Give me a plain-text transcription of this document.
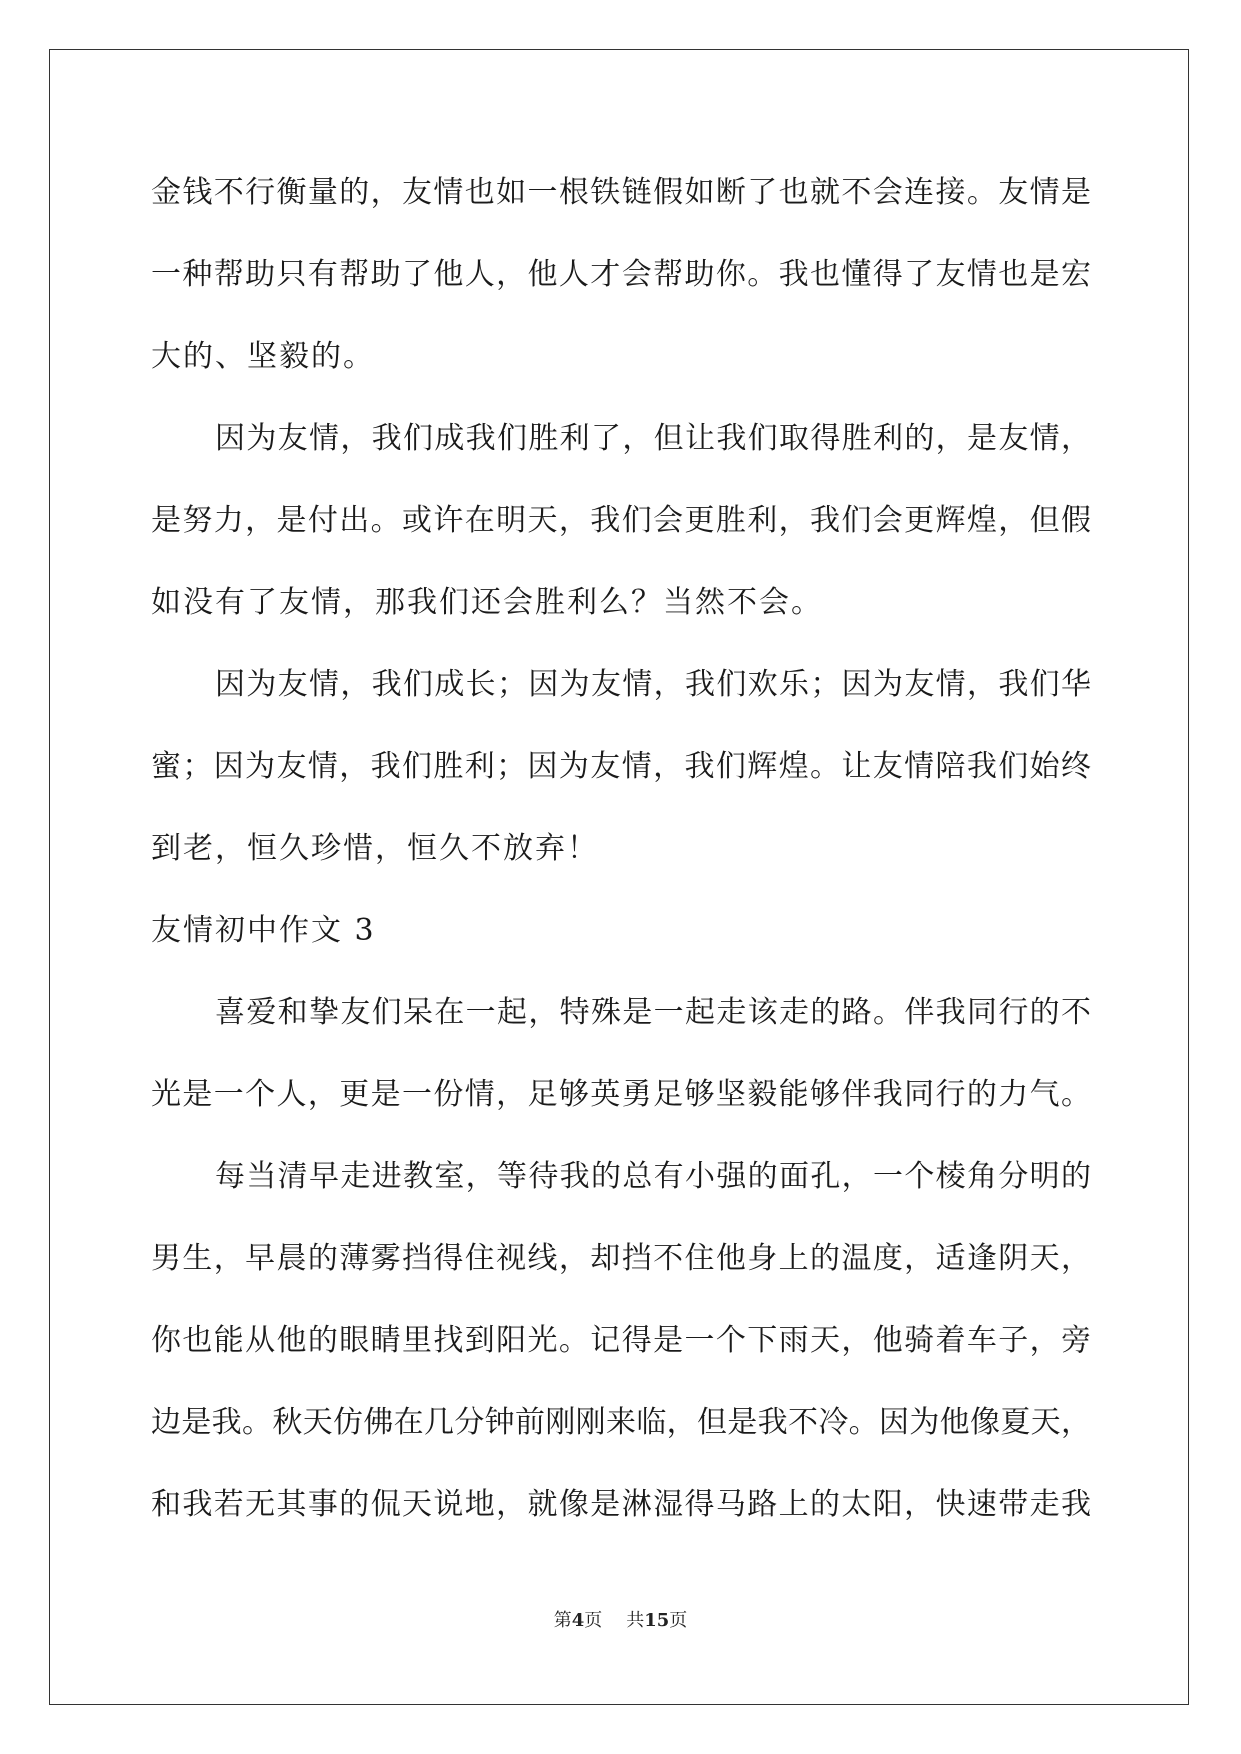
金钱不行衡量的，友情也如一根铁链假如断了也就不会连接。友情是
一种帮助只有帮助了他人，他人才会帮助你。我也懂得了友情也是宏
大的、坚毅的。
因为友情，我们成我们胜利了，但让我们取得胜利的，是友情，
是努力，是付出。或许在明天，我们会更胜利，我们会更辉煌，但假
如没有了友情，那我们还会胜利么？当然不会。
因为友情，我们成长；因为友情，我们欢乐；因为友情，我们华
蜜；因为友情，我们胜利；因为友情，我们辉煌。让友情陪我们始终
到老，恒久珍惜，恒久不放弃！
友情初中作文 3
喜爱和挚友们呆在一起，特殊是一起走该走的路。伴我同行的不
光是一个人，更是一份情，足够英勇足够坚毅能够伴我同行的力气。
每当清早走进教室，等待我的总有小强的面孔，一个棱角分明的
男生，早晨的薄雾挡得住视线，却挡不住他身上的温度，适逢阴天，
你也能从他的眼睛里找到阳光。记得是一个下雨天，他骑着车子，旁
边是我。秋天仿佛在几分钟前刚刚来临，但是我不冷。因为他像夏天，
和我若无其事的侃天说地，就像是淋湿得马路上的太阳，快速带走我
第4页 共15页
